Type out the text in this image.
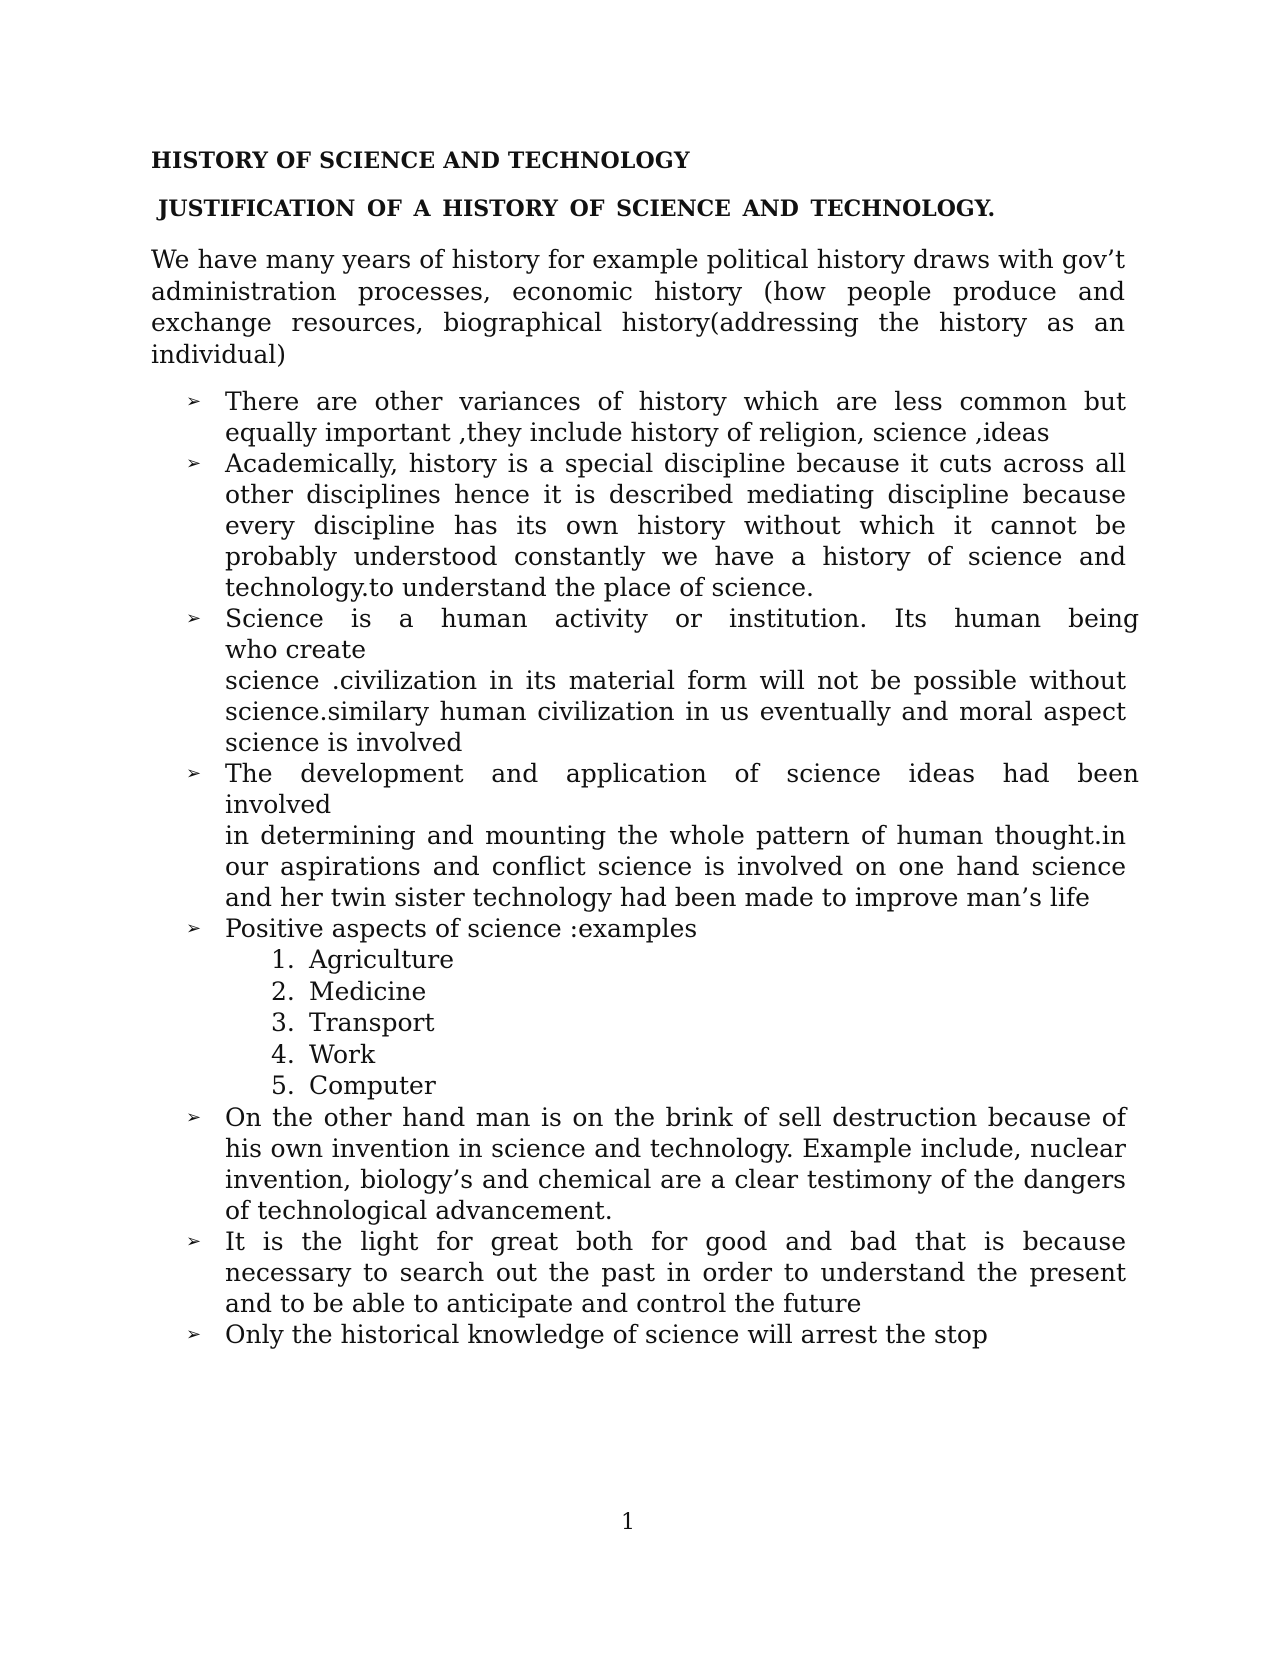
HISTORY OF SCIENCE AND TECHNOLOGY
JUSTIFICATION OF A HISTORY OF SCIENCE AND TECHNOLOGY.

We have many years of history for example political history draws with gov’t administration processes, economic history (how people produce and exchange resources, biographical history(addressing the history as an individual)

➢ There are other variances of history which are less common but equally important ,they include history of religion, science ,ideas
➢ Academically, history is a special discipline because it cuts across all other disciplines hence it is described mediating discipline because every discipline has its own history without which it cannot be probably understood constantly we have a history of science and technology.to understand the place of science.
➢ Science is a human activity or institution. Its human being
who create
science .civilization in its material form will not be possible without science.similary human civilization in us eventually and moral aspect science is involved
➢ The development and application of science ideas had been
involved
in determining and mounting the whole pattern of human thought.in our aspirations and conflict science is involved on one hand science and her twin sister technology had been made to improve man’s life
➢ Positive aspects of science :examples
1. Agriculture
2. Medicine
3. Transport
4. Work
5. Computer
➢ On the other hand man is on the brink of sell destruction because of his own invention in science and technology. Example include, nuclear invention, biology’s and chemical are a clear testimony of the dangers of technological advancement.
➢ It is the light for great both for good and bad that is because necessary to search out the past in order to understand the present and to be able to anticipate and control the future
➢ Only the historical knowledge of science will arrest the stop
1
